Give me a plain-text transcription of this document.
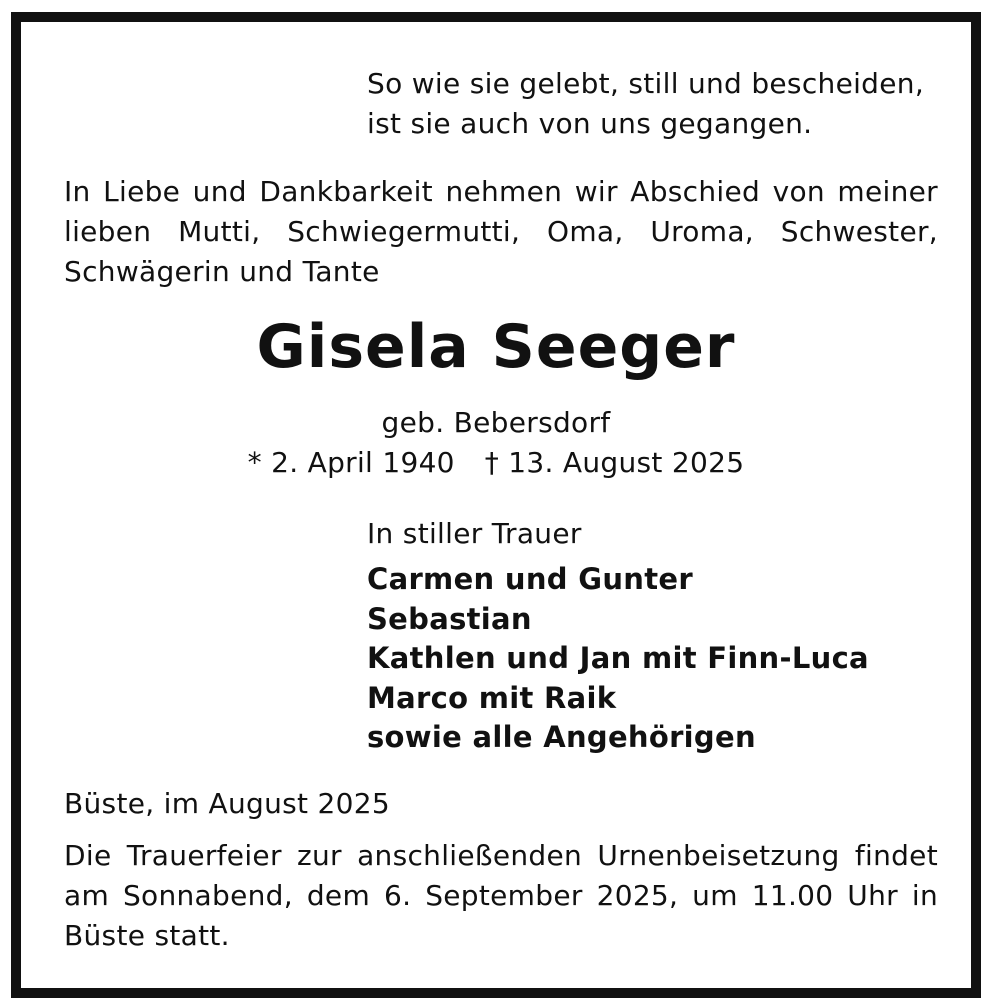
So wie sie gelebt, still und bescheiden,
ist sie auch von uns gegangen.
In Liebe und Dankbarkeit nehmen wir Abschied von meiner
lieben Mutti, Schwiegermutti, Oma, Uroma, Schwester,
Schwägerin und Tante
Gisela Seeger
geb. Bebersdorf
* 2. April 1940 † 13. August 2025
In stiller Trauer
Carmen und Gunter
Sebastian
Kathlen und Jan mit Finn-Luca
Marco mit Raik
sowie alle Angehörigen
Büste, im August 2025
Die Trauerfeier zur anschließenden Urnenbeisetzung findet
am Sonnabend, dem 6. September 2025, um 11.00 Uhr in
Büste statt.
